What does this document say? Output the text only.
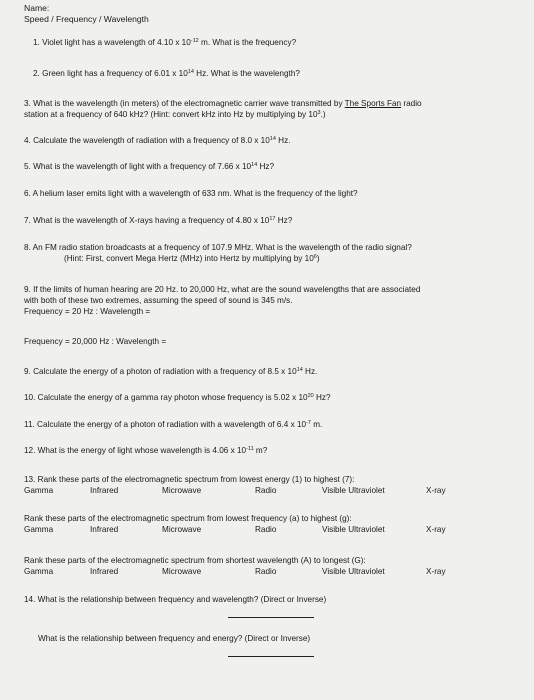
Name:
Speed / Frequency / Wavelength
1. Violet light has a wavelength of 4.10 x $10^{-12}$ m. What is the frequency?
2. Green light has a frequency of 6.01 x $10^{14}$ Hz. What is the wavelength?
3. What is the wavelength (in meters) of the electromagnetic carrier wave transmitted by The Sports Fan radio
station at a frequency of 640 kHz? (Hint: convert kHz into Hz by multiplying by $10^3$.)
4. Calculate the wavelength of radiation with a frequency of 8.0 x $10^{14}$ Hz.
5. What is the wavelength of light with a frequency of 7.66 x $10^{14}$ Hz?
6. A helium laser emits light with a wavelength of 633 nm. What is the frequency of the light?
7. What is the wavelength of X-rays having a frequency of 4.80 x $10^{17}$ Hz?
8. An FM radio station broadcasts at a frequency of 107.9 MHz. What is the wavelength of the radio signal?
(Hint: First, convert Mega Hertz (MHz) into Hertz by multiplying by $10^6$)
9. If the limits of human hearing are 20 Hz. to 20,000 Hz, what are the sound wavelengths that are associated
with both of these two extremes, assuming the speed of sound is 345 m/s.
Frequency = 20 Hz : Wavelength =
Frequency = 20,000 Hz : Wavelength =
9. Calculate the energy of a photon of radiation with a frequency of 8.5 x $10^{14}$ Hz.
10. Calculate the energy of a gamma ray photon whose frequency is 5.02 x $10^{20}$ Hz?
11. Calculate the energy of a photon of radiation with a wavelength of 6.4 x $10^{-7}$ m.
12. What is the energy of light whose wavelength is 4.06 x $10^{-11}$ m?
13. Rank these parts of the electromagnetic spectrum from lowest energy (1) to highest (7):
Gamma	Infrared	Microwave	Radio	Visible Ultraviolet	X-ray
Rank these parts of the electromagnetic spectrum from lowest frequency (a) to highest (g):
Gamma	Infrared	Microwave	Radio	Visible Ultraviolet	X-ray
Rank these parts of the electromagnetic spectrum from shortest wavelength (A) to longest (G):
Gamma	Infrared	Microwave	Radio	Visible Ultraviolet	X-ray
14. What is the relationship between frequency and wavelength? (Direct or Inverse)
What is the relationship between frequency and energy? (Direct or Inverse)
